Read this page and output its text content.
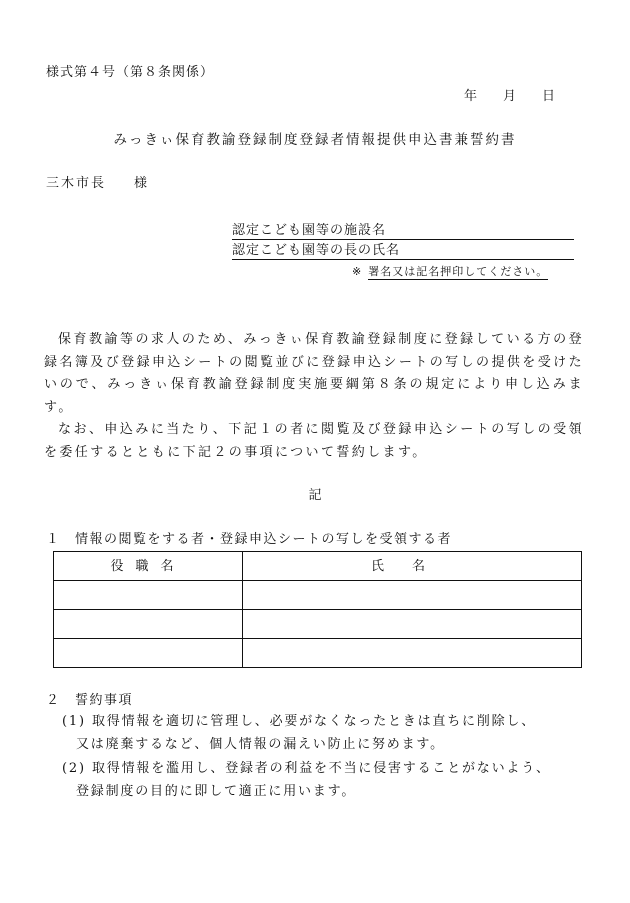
様式第４号（第８条関係）
年 月 日
みっきぃ保育教諭登録制度登録者情報提供申込書兼誓約書
三木市長 様
認定こども園等の施設名
認定こども園等の長の氏名
※ 署名又は記名押印してください。

保育教諭等の求人のため、みっきぃ保育教諭登録制度に登録している方の登録名簿及び登録申込シートの閲覧並びに登録申込シートの写しの提供を受けたいので、みっきぃ保育教諭登録制度実施要綱第８条の規定により申し込みます。

なお、申込みに当たり、下記１の者に閲覧及び登録申込シートの写しの受領を委任するとともに下記２の事項について誓約します。

記
１　情報の閲覧をする者・登録申込シートの写しを受領する者
役職名	氏名

２　誓約事項
(1) 取得情報を適切に管理し、必要がなくなったときは直ちに削除し、
又は廃棄するなど、個人情報の漏えい防止に努めます。
(2) 取得情報を濫用し、登録者の利益を不当に侵害することがないよう、
登録制度の目的に即して適正に用います。
